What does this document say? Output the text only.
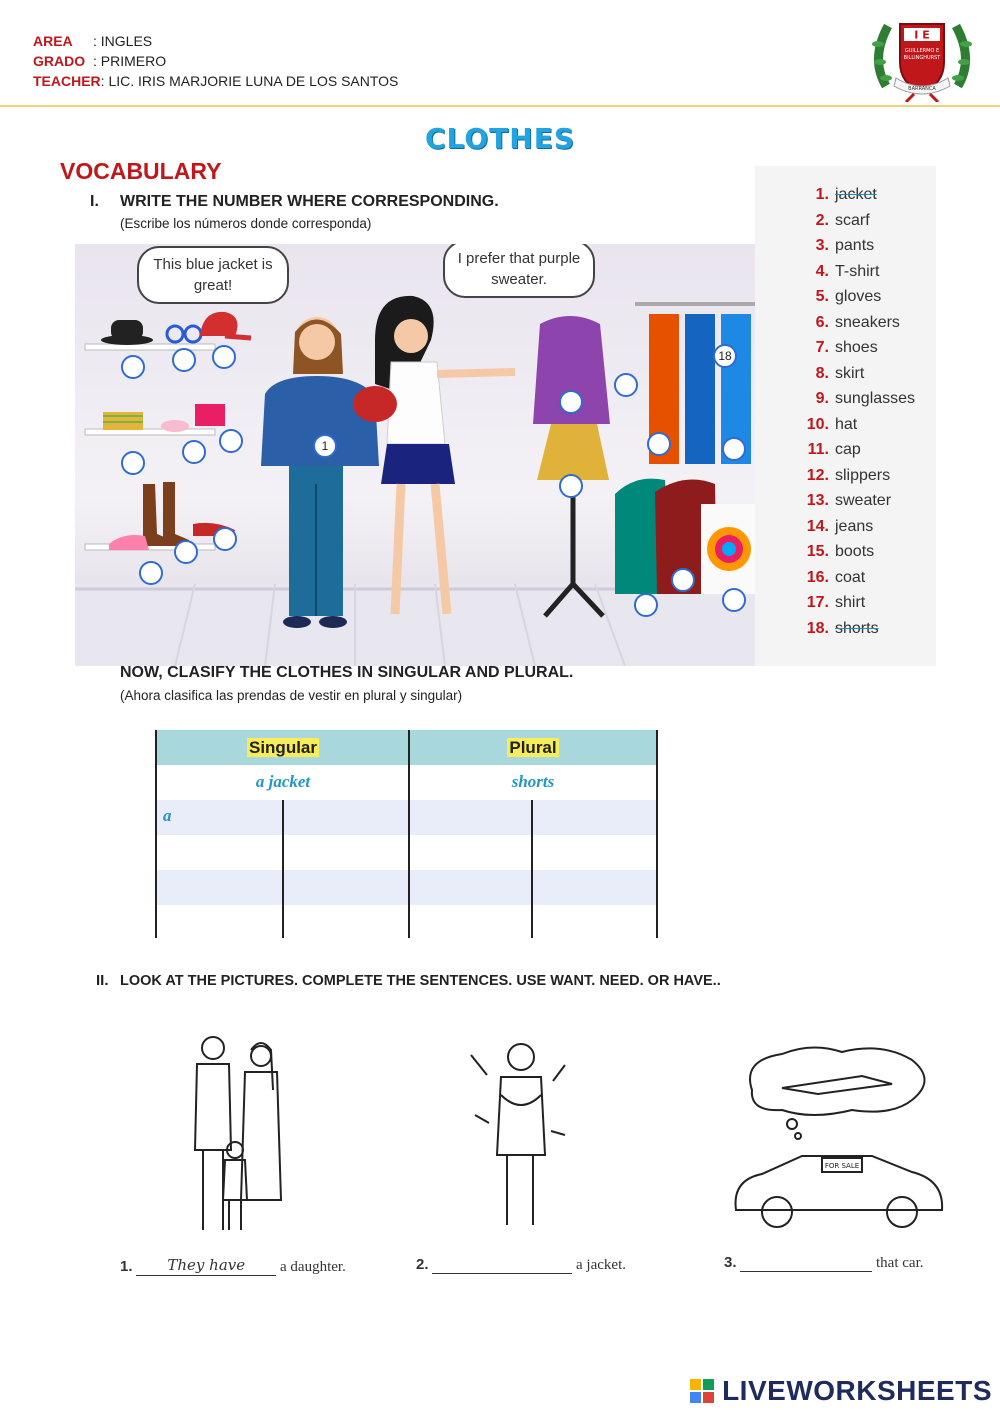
AREA : INGLES
GRADO : PRIMERO
TEACHER: LIC. IRIS MARJORIE LUNA DE LOS SANTOS
I E
GUILLERMO E
BILLINGHURST
BARRANCA
CLOTHES
VOCABULARY
I. WRITE THE NUMBER WHERE CORRESPONDING.
(Escribe los números donde corresponda)
This blue jacket is great!
I prefer that purple sweater.
1
18
1. jacket
2. scarf
3. pants
4. T-shirt
5. gloves
6. sneakers
7. shoes
8. skirt
9. sunglasses
10. hat
11. cap
12. slippers
13. sweater
14. jeans
15. boots
16. coat
17. shirt
18. shorts
NOW, CLASIFY THE CLOTHES IN SINGULAR AND PLURAL.
(Ahora clasifica las prendas de vestir en plural y singular)
Singular	Plural
a jacket	shorts
a
II. LOOK AT THE PICTURES. COMPLETE THE SENTENCES. USE WANT. NEED. OR HAVE..
FOR SALE
1. They have a daughter.	2.	a jacket.	3.	that car.
LIVEWORKSHEETS
